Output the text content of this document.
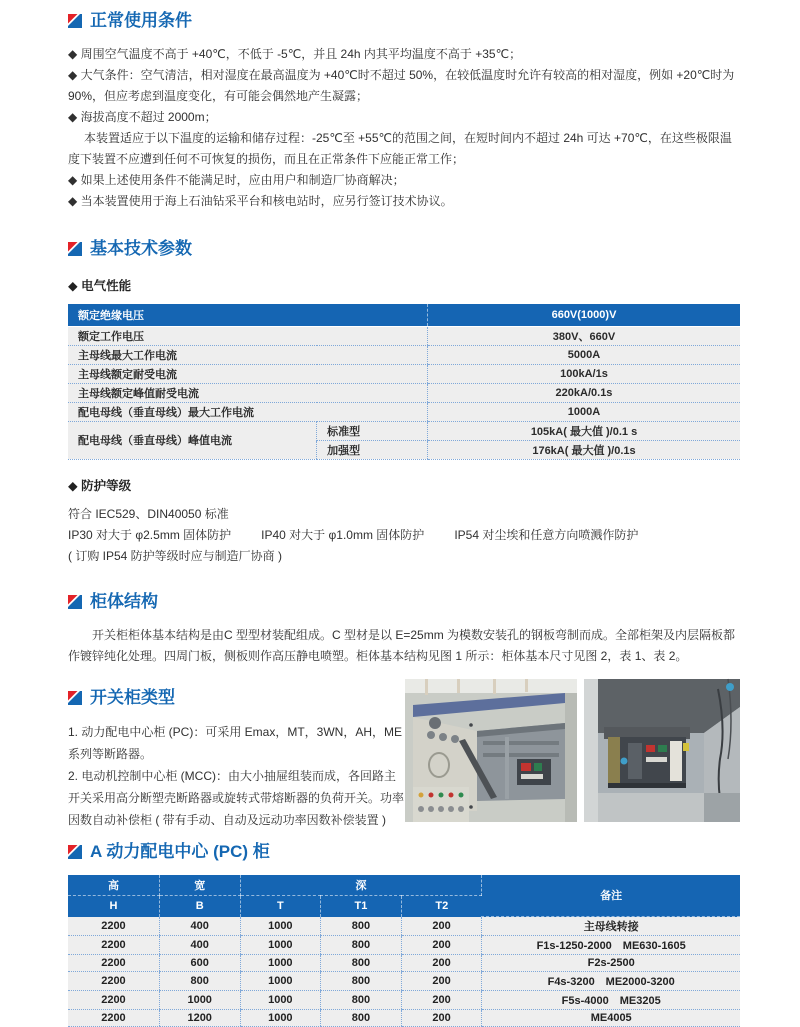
正常使用条件

◆ 周围空气温度不高于 +40℃，不低于 -5℃，并且 24h 内其平均温度不高于 +35℃；

◆ 大气条件：空气清洁，相对湿度在最高温度为 +40℃时不超过 50%，在较低温度时允许有较高的相对湿度，例如 +20℃时为 90%，但应考虑到温度变化，有可能会偶然地产生凝露；

◆ 海拔高度不超过 2000m；

本装置适应于以下温度的运输和储存过程：-25℃至 +55℃的范围之间，在短时间内不超过 24h 可达 +70℃，在这些极限温度下装置不应遭到任何不可恢复的损伤，而且在正常条件下应能正常工作；

◆ 如果上述使用条件不能满足时，应由用户和制造厂协商解决；

◆ 当本装置使用于海上石油钻采平台和核电站时，应另行签订技术协议。

基本技术参数
◆ 电气性能
额定绝缘电压		660V(1000)V
额定工作电压		380V、660V
主母线最大工作电流		5000A
主母线额定耐受电流		100kA/1s
主母线额定峰值耐受电流		220kA/0.1s
配电母线（垂直母线）最大工作电流		1000A
配电母线（垂直母线）峰值电流	标准型	105kA( 最大值 )/0.1 s
	加强型	176kA( 最大值 )/0.1s
◆ 防护等级

符合 IEC529、DIN40050 标准

IP30 对大于 φ2.5mm 固体防护	IP40 对大于 φ1.0mm 固体防护	IP54 对尘埃和任意方向喷溅作防护

( 订购 IP54 防护等级时应与制造厂协商 )

柜体结构

开关柜柜体基本结构是由C 型型材装配组成。C 型材是以 E=25mm 为模数安装孔的钢板弯制而成。全部柜架及内层隔板都作镀锌纯化处理。四周门板，侧板则作高压静电喷塑。柜体基本结构见图 1 所示：柜体基本尺寸见图 2，表 1、表 2。

开关柜类型

1. 动力配电中心柜 (PC)：可采用 Emax，MT，3WN，AH，ME 系列等断路器。

2. 电动机控制中心柜 (MCC)：由大小抽屉组装而成，各回路主开关采用高分断塑壳断路器或旋转式带熔断器的负荷开关。功率因数自动补偿柜 ( 带有手动、自动及远动功率因数补偿装置 )

A 动力配电中心 (PC) 柜
高	宽	深			备注
H	B	T	T1	T2	
2200	400	1000	800	200	主母线转接
2200	400	1000	800	200	F1s-1250-2000　ME630-1605
2200	600	1000	800	200	F2s-2500
2200	800	1000	800	200	F4s-3200　ME2000-3200
2200	1000	1000	800	200	F5s-4000　ME3205
2200	1200	1000	800	200	ME4005
